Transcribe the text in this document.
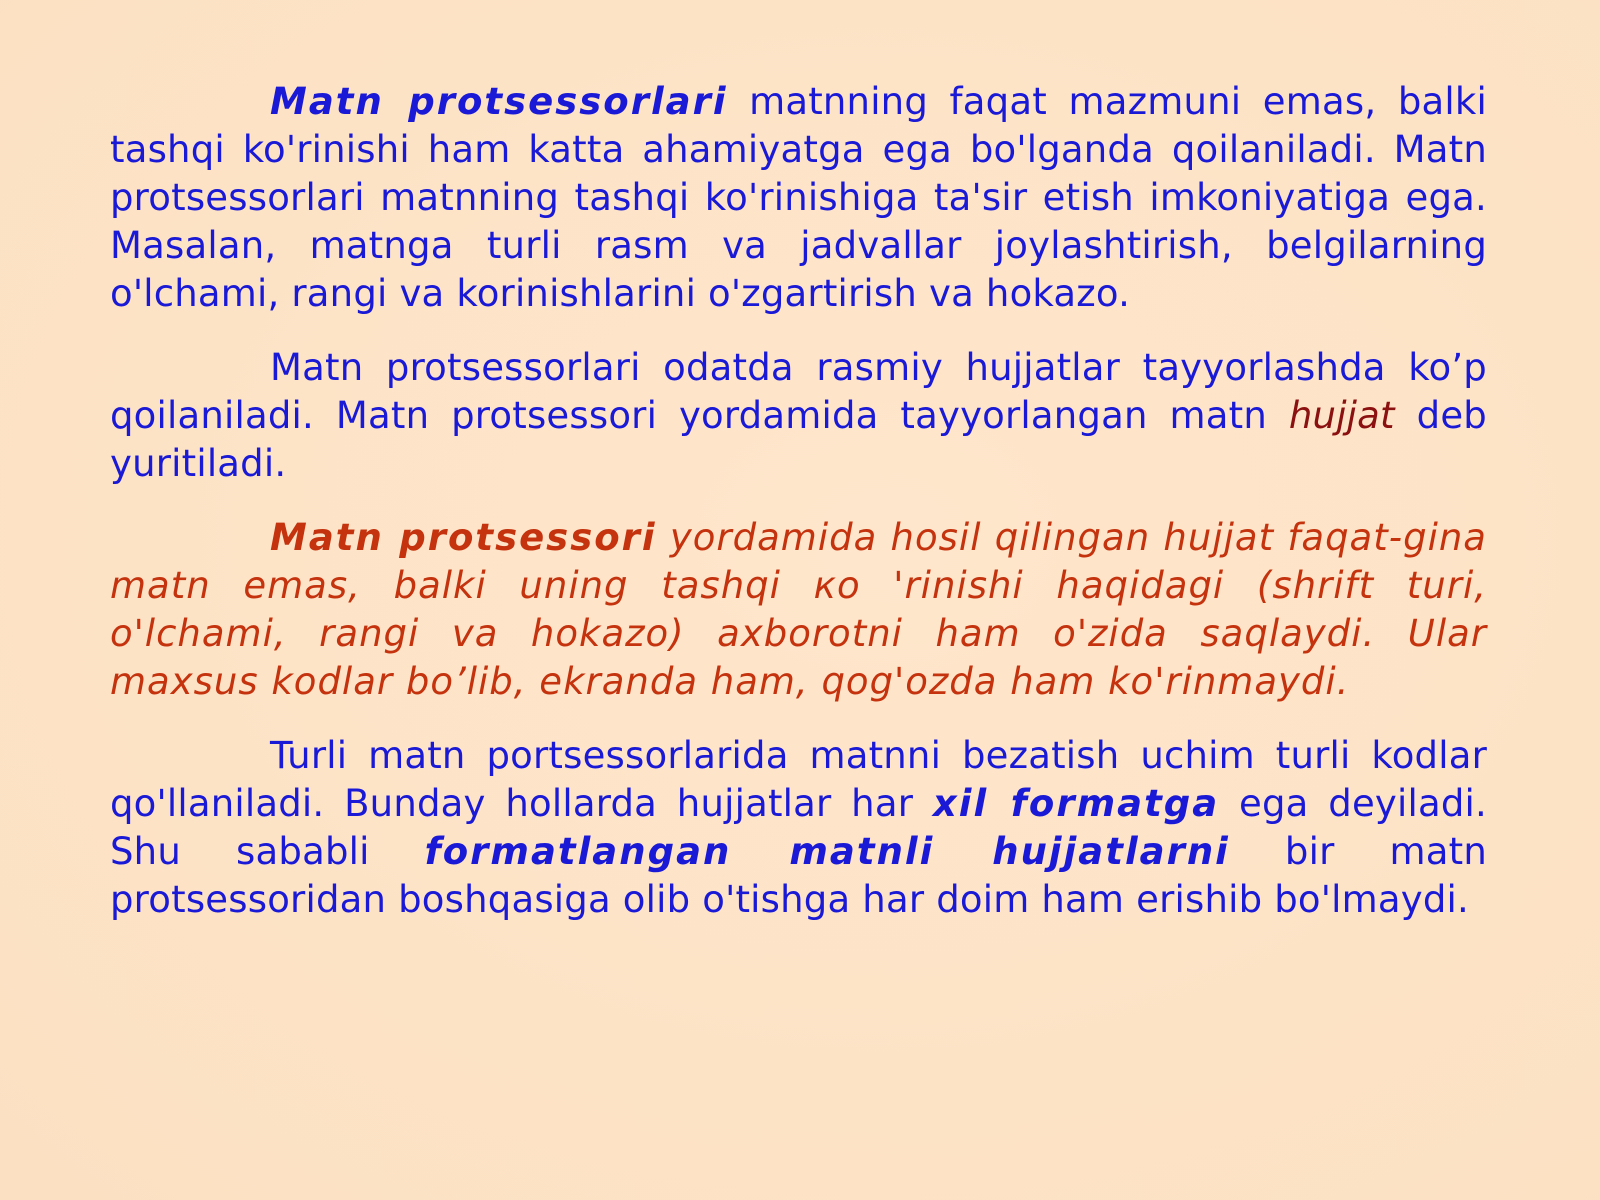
Matn protsessorlari matnning faqat mazmuni emas, balki tashqi ko'rinishi ham katta ahamiyatga ega bo'lganda qoilaniladi. Matn protsessorlari matnning tashqi ko'rinishiga ta'sir etish imkoniyatiga ega. Masalan, matnga turli rasm va jadvallar joylashtirish, belgilarning o'lchami, rangi va korinishlarini o'zgartirish va hokazo.

Matn protsessorlari odatda rasmiy hujjatlar tayyorlashda ko’p qoilaniladi. Matn protsessori yordamida tayyorlangan matn hujjat deb yuritiladi.

Matn protsessori yordamida hosil qilingan hujjat faqat-gina matn emas, balki uning tashqi ко 'rinishi haqidagi (shrift turi, o'lchami, rangi va hokazo) axborotni ham o'zida saqlaydi. Ular maxsus kodlar bo’lib, ekranda ham, qog'ozda ham ko'rinmaydi.

Turli matn portsessorlarida matnni bezatish uchim turli kodlar qo'llaniladi. Bunday hollarda hujjatlar har xil formatga ega deyiladi. Shu sababli formatlangan matnli hujjatlarni bir matn protsessoridan boshqasiga olib o'tishga har doim ham erishib bo'lmaydi.
